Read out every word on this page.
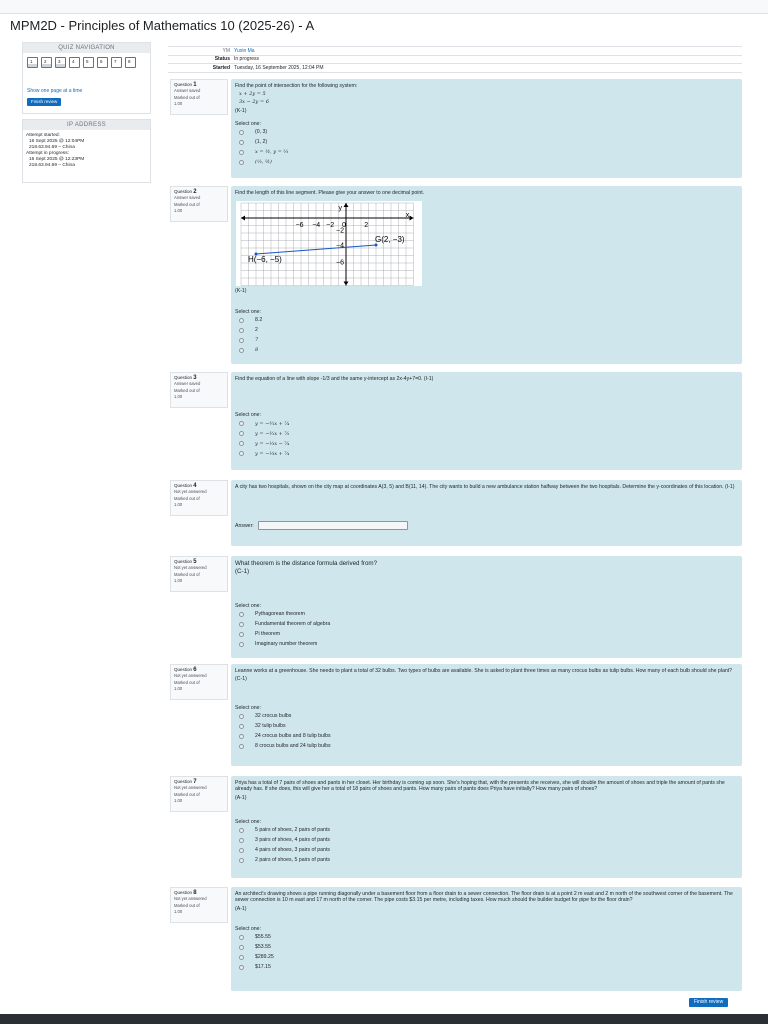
MPM2D - Principles of Mathematics 10 (2025-26) - A
QUIZ NAVIGATION
1	2	3	4	5	6	7	8
Show one page at a time
Finish review
IP ADDRESS
Attempt started:
16 Sept 2025 @ 12:04PM
218.63.94.69 – China
Attempt in progress:
16 Sept 2025 @ 12:23PM
218.63.94.69 – China
YM Yuxin Ma
Status In progress
Started Tuesday, 16 September 2025, 12:04 PM
Question 1
Answer saved
Marked out of
1.00
Find the point of intersection for the following system:
x + 2y = 5
3x − 2y = 6
(K-1)
Select one:
(0, 3)
(1, 2)
x = ½, y = ⅔
(¹⁄₂, ½)
Question 2
Answer saved
Marked out of
1.00
Find the length of this line segment. Please give your answer to one decimal point.
−6 −4 −2 0	2
−2
−4
−6
x
y
H(−6, −5)
G(2, −3)
(K-1)
Select one:
8.2
2
7
8
Question 3
Answer saved
Marked out of
1.00
Find the equation of a line with slope -1/3 and the same y-intercept as 2x-4y+7=0. (I-1)
Select one:
y = −³⁄₁x + ⁷⁄₄
y = −³⁄₁x + ⁷⁄₂
y = −¹⁄₃x − ⁷⁄₄
y = −¹⁄₃x + ⁷⁄₄
Question 4
Not yet answered
Marked out of
1.00
A city has two hospitals, shown on the city map at coordinates A(3, 5) and B(11, 14). The city wants to build a new ambulance station halfway between the two hospitals. Determine the y-coordinates of this location. (I-1)
Answer:
Question 5
Not yet answered
Marked out of
1.00
What theorem is the distance formula derived from?
(C-1)
Select one:
Pythagorean theorem
Fundamental theorem of algebra
Pi theorem
Imaginary number theorem
Question 6
Not yet answered
Marked out of
1.00
Leanne works at a greenhouse. She needs to plant a total of 32 bulbs. Two types of bulbs are available. She is asked to plant three times as many crocus bulbs as tulip bulbs. How many of each bulb should she plant?
(C-1)
Select one:
32 crocus bulbs
32 tulip bulbs
24 crocus bulbs and 8 tulip bulbs
8 crocus bulbs and 24 tulip bulbs
Question 7
Not yet answered
Marked out of
1.00
Priya has a total of 7 pairs of shoes and pants in her closet. Her birthday is coming up soon. She's hoping that, with the presents she receives, she will double the amount of shoes and triple the amount of pants she already has. If she does, this will give her a total of 18 pairs of shoes and pants. How many pairs of pants does Priya have initially? How many pairs of shoes?
(A-1)
Select one:
5 pairs of shoes, 2 pairs of pants
3 pairs of shoes, 4 pairs of pants
4 pairs of shoes, 3 pairs of pants
2 pairs of shoes, 5 pairs of pants
Question 8
Not yet answered
Marked out of
1.00
An architect's drawing shows a pipe running diagonally under a basement floor from a floor drain to a sewer connection. The floor drain is at a point 2 m east and 2 m north of the southwest corner of the basement. The sewer connection is 10 m east and 17 m north of the corner. The pipe costs $3.15 per metre, including taxes. How much should the builder budget for pipe for the floor drain?
(A-1)
Select one:
$55.55
$53.55
$289.25
$17.15
Finish review
